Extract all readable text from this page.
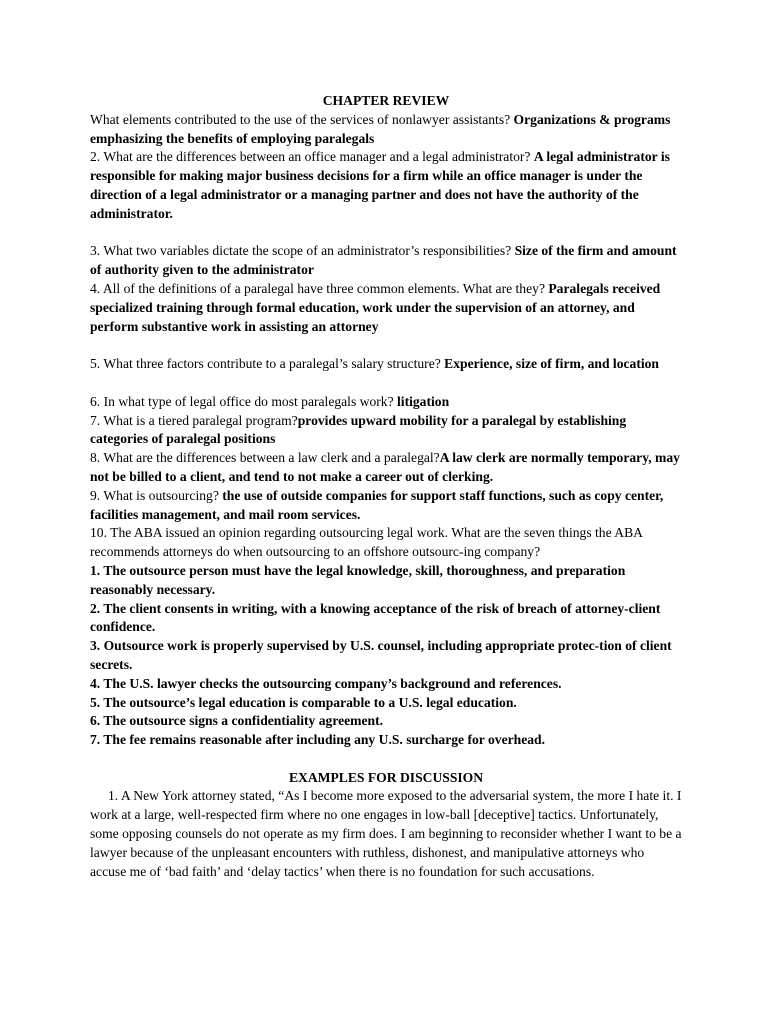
CHAPTER REVIEW

What elements contributed to the use of the services of nonlawyer assistants? Organizations & programs emphasizing the benefits of employing paralegals

2. What are the differences between an office manager and a legal administrator? A legal administrator is responsible for making major business decisions for a firm while an office manager is under the direction of a legal administrator or a managing partner and does not have the authority of the administrator.

3. What two variables dictate the scope of an administrator’s responsibilities? Size of the firm and amount of authority given to the administrator

4. All of the definitions of a paralegal have three common elements. What are they? Paralegals received specialized training through formal education, work under the supervision of an attorney, and perform substantive work in assisting an attorney

5. What three factors contribute to a paralegal’s salary structure? Experience, size of firm, and location

6. In what type of legal office do most paralegals work? litigation

7. What is a tiered paralegal program?provides upward mobility for a paralegal by establishing categories of paralegal positions

8. What are the differences between a law clerk and a paralegal?A law clerk are normally temporary, may not be billed to a client, and tend to not make a career out of clerking.

9. What is outsourcing? the use of outside companies for support staff functions, such as copy center, facilities management, and mail room services.

10. The ABA issued an opinion regarding outsourcing legal work. What are the seven things the ABA recommends attorneys do when outsourcing to an offshore outsourc-ing company?

1. The outsource person must have the legal knowledge, skill, thoroughness, and preparation reasonably necessary.

2. The client consents in writing, with a knowing acceptance of the risk of breach of attorney-client confidence.

3. Outsource work is properly supervised by U.S. counsel, including appropriate protec-tion of client secrets.

4. The U.S. lawyer checks the outsourcing company’s background and references.

5. The outsource’s legal education is comparable to a U.S. legal education.

6. The outsource signs a confidentiality agreement.

7. The fee remains reasonable after including any U.S. surcharge for overhead.

EXAMPLES FOR DISCUSSION

1. A New York attorney stated, “As I become more exposed to the adversarial system, the more I hate it. I work at a large, well-respected firm where no one engages in low-ball [deceptive] tactics. Unfortunately, some opposing counsels do not operate as my firm does. I am beginning to reconsider whether I want to be a lawyer because of the unpleasant encounters with ruthless, dishonest, and manipulative attorneys who accuse me of ‘bad faith’ and ‘delay tactics’ when there is no foundation for such accusations.
